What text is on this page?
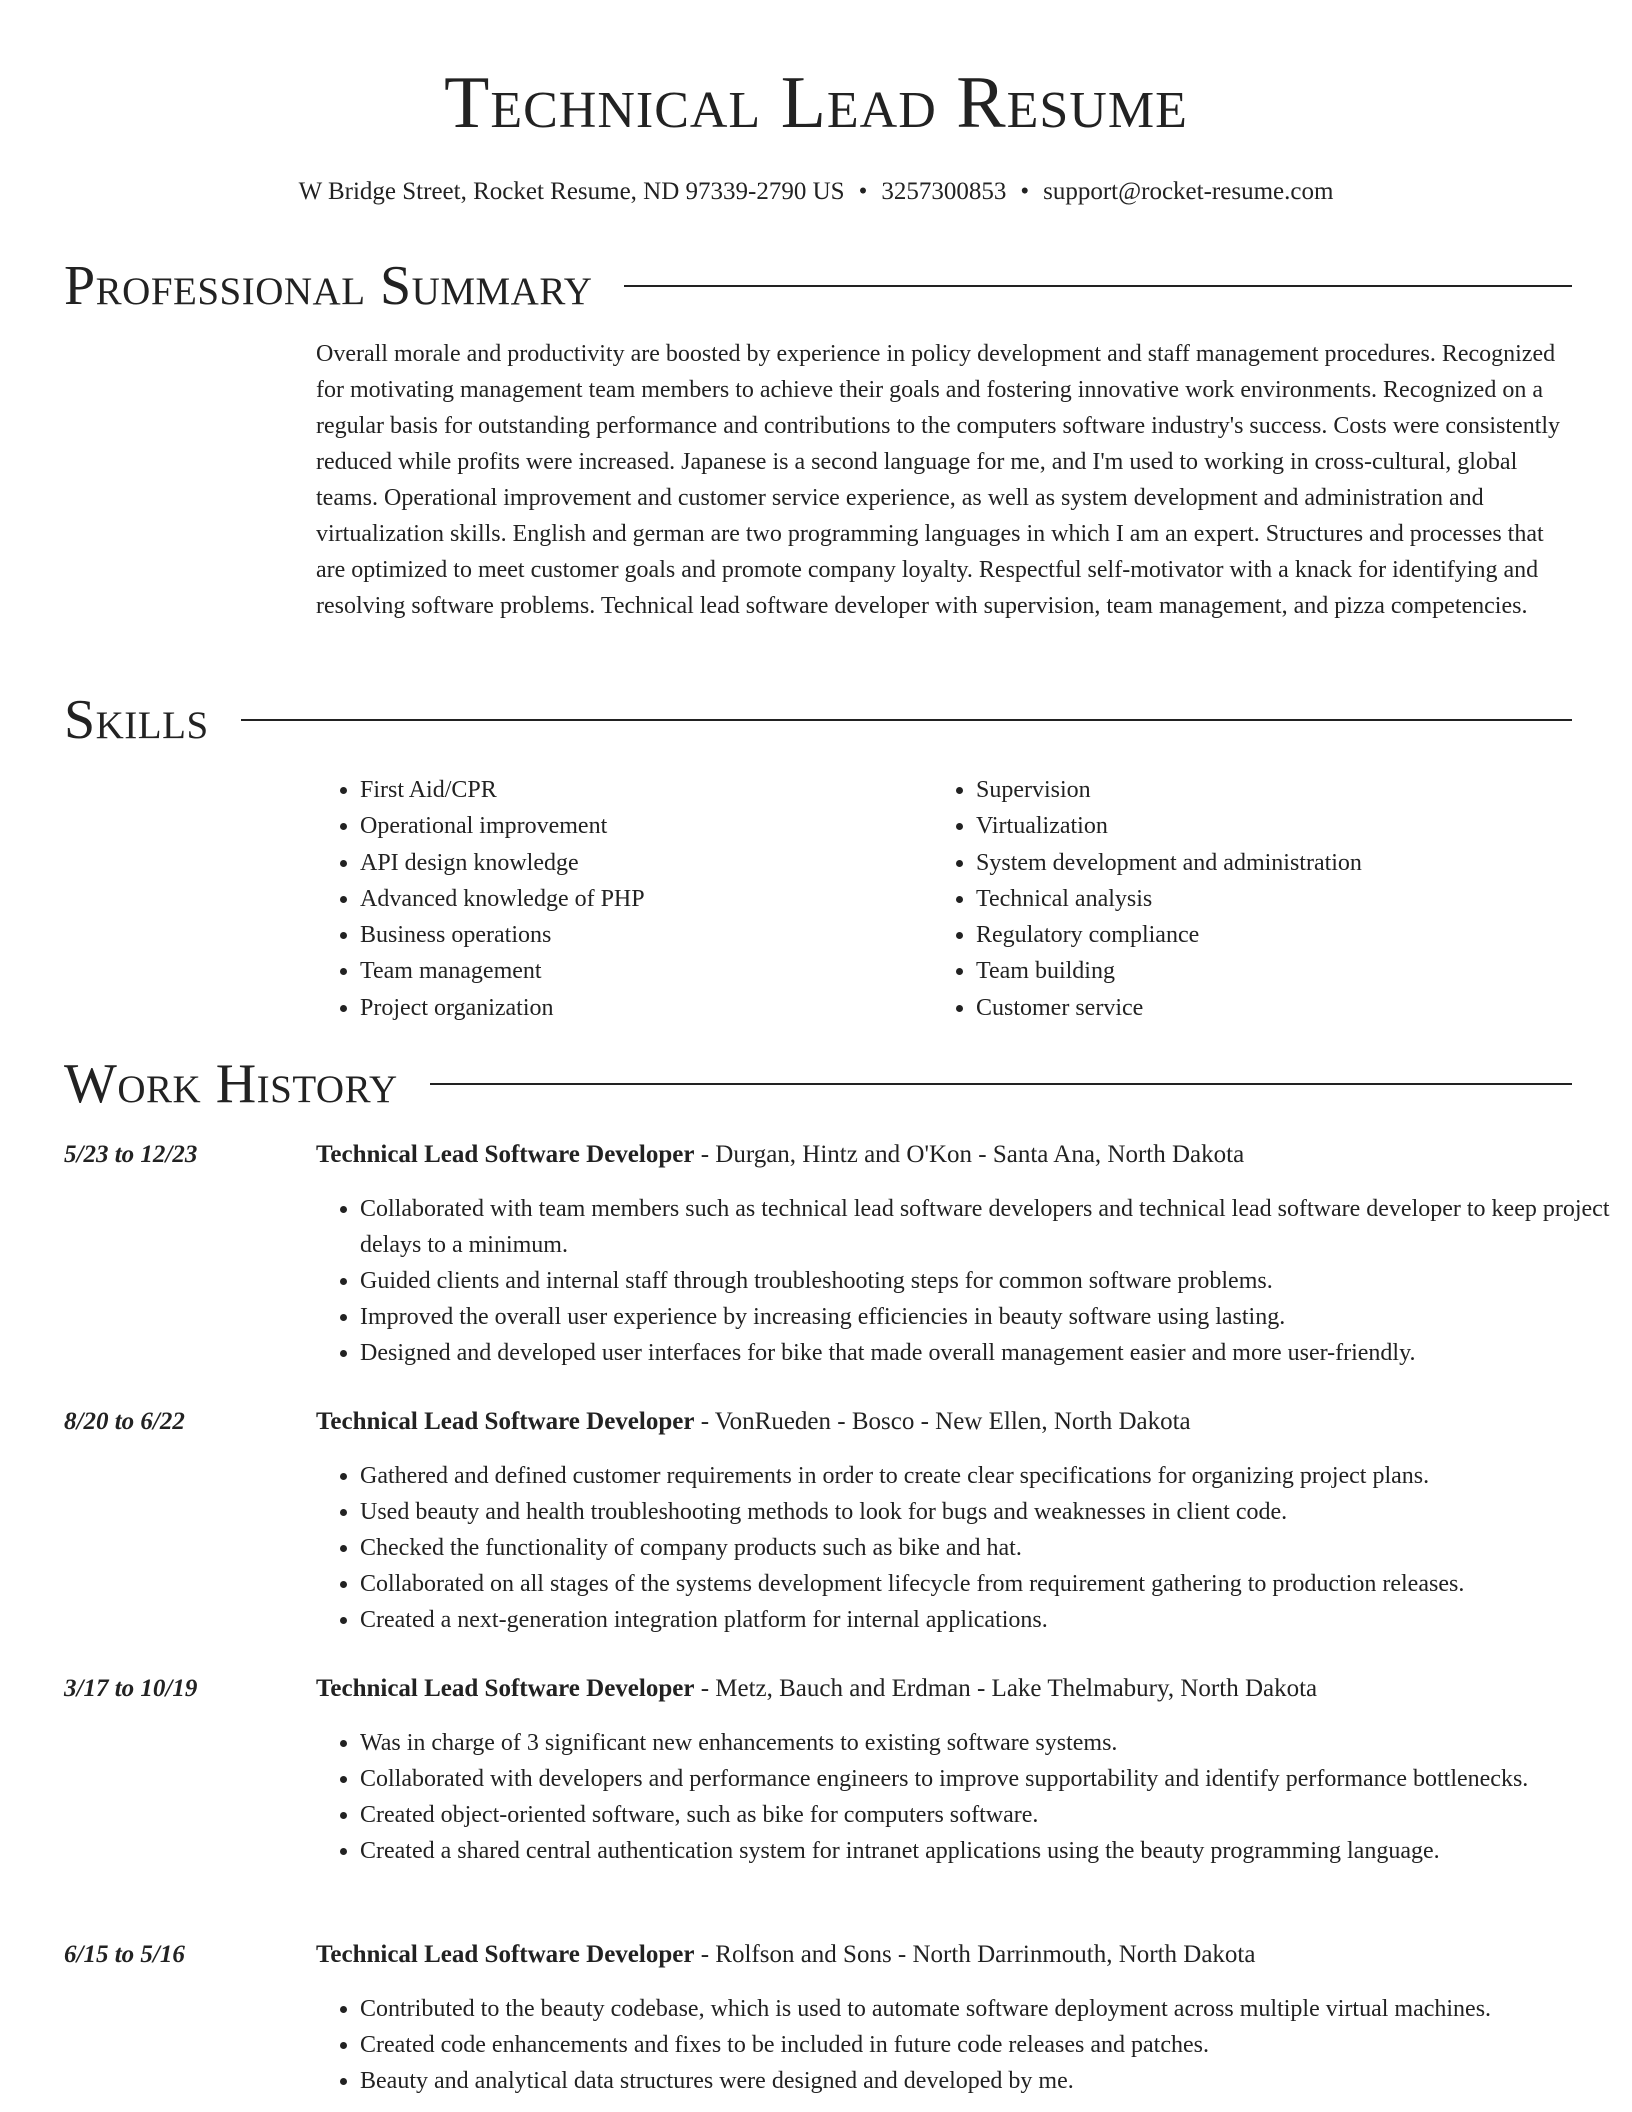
Technical Lead Resume
W Bridge Street, Rocket Resume, ND 97339-2790 US • 3257300853 • support@rocket-resume.com
Professional Summary

Overall morale and productivity are boosted by experience in policy development and staff management procedures. Recognized for motivating management team members to achieve their goals and fostering innovative work environments. Recognized on a regular basis for outstanding performance and contributions to the computers software industry's success. Costs were consistently reduced while profits were increased. Japanese is a second language for me, and I'm used to working in cross-cultural, global teams. Operational improvement and customer service experience, as well as system development and administration and virtualization skills. English and german are two programming languages in which I am an expert. Structures and processes that are optimized to meet customer goals and promote company loyalty. Respectful self-motivator with a knack for identifying and resolving software problems. Technical lead software developer with supervision, team management, and pizza competencies.

Skills
• First Aid/CPR
• Operational improvement
• API design knowledge
• Advanced knowledge of PHP
• Business operations
• Team management
• Project organization
• Supervision
• Virtualization
• System development and administration
• Technical analysis
• Regulatory compliance
• Team building
• Customer service
Work History
5/23 to 12/23	Technical Lead Software Developer - Durgan, Hintz and O'Kon - Santa Ana, North Dakota
• Collaborated with team members such as technical lead software developers and technical lead software developer to keep project delays to a minimum.
• Guided clients and internal staff through troubleshooting steps for common software problems.
• Improved the overall user experience by increasing efficiencies in beauty software using lasting.
• Designed and developed user interfaces for bike that made overall management easier and more user-friendly.
8/20 to 6/22	Technical Lead Software Developer - VonRueden - Bosco - New Ellen, North Dakota
• Gathered and defined customer requirements in order to create clear specifications for organizing project plans.
• Used beauty and health troubleshooting methods to look for bugs and weaknesses in client code.
• Checked the functionality of company products such as bike and hat.
• Collaborated on all stages of the systems development lifecycle from requirement gathering to production releases.
• Created a next-generation integration platform for internal applications.
3/17 to 10/19	Technical Lead Software Developer - Metz, Bauch and Erdman - Lake Thelmabury, North Dakota
• Was in charge of 3 significant new enhancements to existing software systems.
• Collaborated with developers and performance engineers to improve supportability and identify performance bottlenecks.
• Created object-oriented software, such as bike for computers software.
• Created a shared central authentication system for intranet applications using the beauty programming language.
6/15 to 5/16	Technical Lead Software Developer - Rolfson and Sons - North Darrinmouth, North Dakota
• Contributed to the beauty codebase, which is used to automate software deployment across multiple virtual machines.
• Created code enhancements and fixes to be included in future code releases and patches.
• Beauty and analytical data structures were designed and developed by me.
